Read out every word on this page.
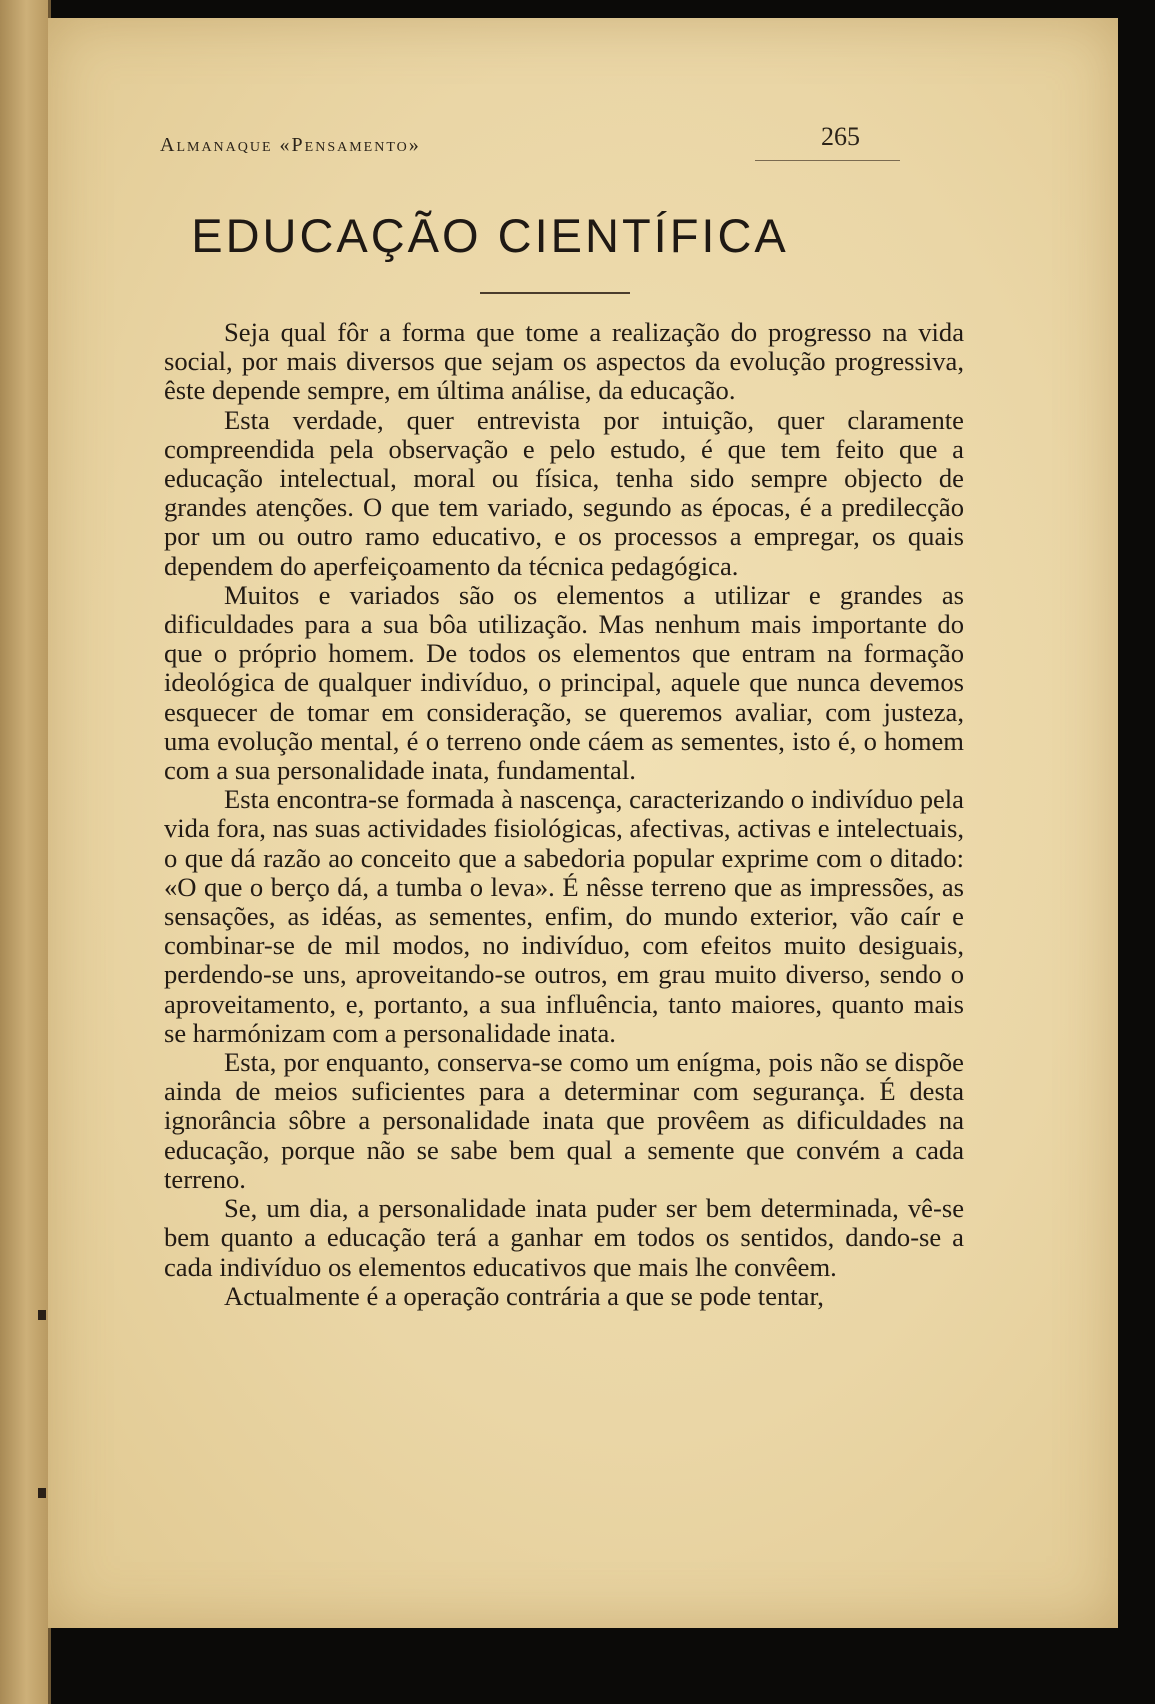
Almanaque «Pensamento»	265
EDUCAÇÃO CIENTÍFICA

Seja qual fôr a forma que tome a realização do progresso na vida social, por mais diversos que sejam os aspectos da evolução progressiva, êste depende sempre, em última análise, da educação.

Esta verdade, quer entrevista por intuição, quer claramente compreendida pela observação e pelo estudo, é que tem feito que a educação intelectual, moral ou física, tenha sido sempre objecto de grandes atenções. O que tem variado, segundo as épocas, é a predilecção por um ou outro ramo educativo, e os processos a empregar, os quais dependem do aperfeiçoamento da técnica pedagógica.

Muitos e variados são os elementos a utilizar e grandes as dificuldades para a sua bôa utilização. Mas nenhum mais importante do que o próprio homem. De todos os elementos que entram na formação ideológica de qualquer indivíduo, o principal, aquele que nunca devemos esquecer de tomar em consideração, se queremos avaliar, com justeza, uma evolução mental, é o terreno onde cáem as sementes, isto é, o homem com a sua personalidade inata, fundamental.

Esta encontra-se formada à nascença, caracterizando o indivíduo pela vida fora, nas suas actividades fisiológicas, afectivas, activas e intelectuais, o que dá razão ao conceito que a sabedoria popular exprime com o ditado: «O que o berço dá, a tumba o leva». É nêsse terreno que as impressões, as sensações, as idéas, as sementes, enfim, do mundo exterior, vão caír e combinar-se de mil modos, no indivíduo, com efeitos muito desiguais, perdendo-se uns, aproveitando-se outros, em grau muito diverso, sendo o aproveitamento, e, portanto, a sua influência, tanto maiores, quanto mais se harmónizam com a personalidade inata.

Esta, por enquanto, conserva-se como um enígma, pois não se dispõe ainda de meios suficientes para a determinar com segurança. É desta ignorância sôbre a personalidade inata que provêem as dificuldades na educação, porque não se sabe bem qual a semente que convém a cada terreno.

Se, um dia, a personalidade inata puder ser bem determinada, vê-se bem quanto a educação terá a ganhar em todos os sentidos, dando-se a cada indivíduo os elementos educativos que mais lhe convêem.

Actualmente é a operação contrária a que se pode tentar,
